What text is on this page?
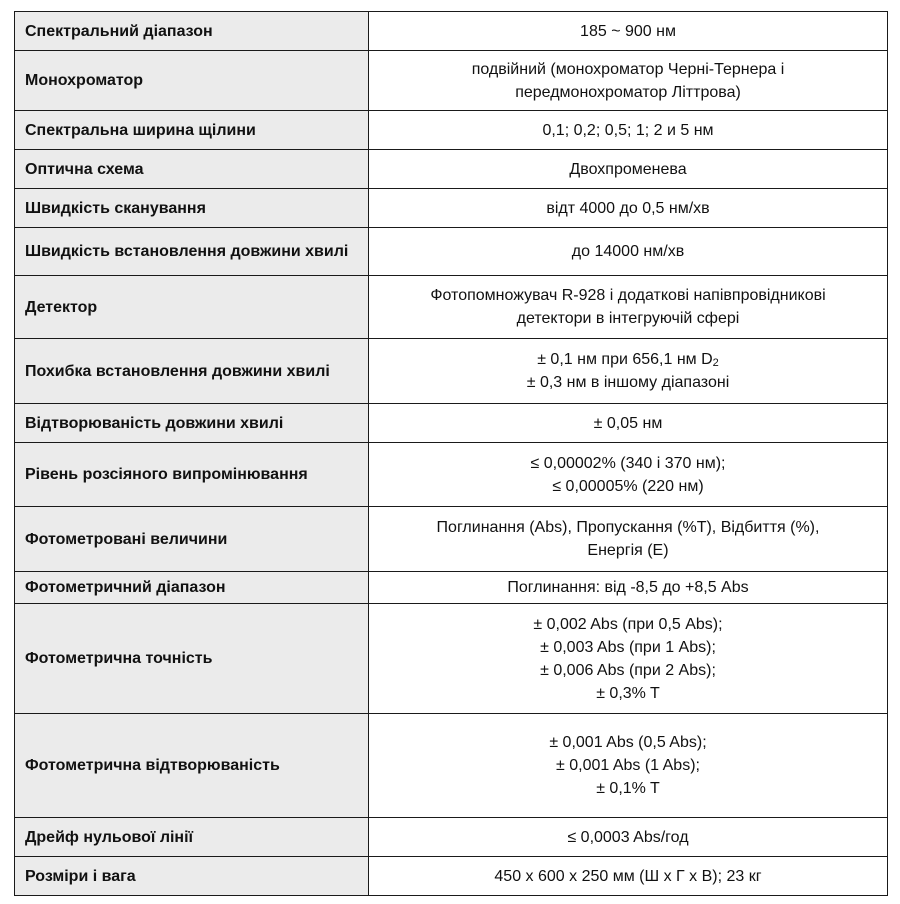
Спектральний діапазон	185 ~ 900 нм

Монохроматор	подвійний (монохроматор Черні-Тернера і
передмонохроматор Літтрова)

Спектральна ширина щілини	0,1; 0,2; 0,5; 1; 2 и 5 нм

Оптична схема	Двохпроменева

Швидкість сканування	відт 4000 до 0,5 нм/хв

Швидкість встановлення довжини хвилі	до 14000 нм/хв

Детектор	Фотопомножувач R-928 і додаткові напівпровідникові
детектори в інтегруючій сфері

Похибка встановлення довжини хвилі	± 0,1 нм при 656,1 нм $D_2$
± 0,3 нм в іншому діапазоні

Відтворюваність довжини хвилі	± 0,05 нм

Рівень розсіяного випромінювання	≤ 0,00002% (340 і 370 нм);
≤ 0,00005% (220 нм)

Фотометровані величини	Поглинання (Abs), Пропускання (%T), Відбиття (%),
Енергія (E)

Фотометричний діапазон	Поглинання: від -8,5 до +8,5 Abs

Фотометрична точність	± 0,002 Abs (при 0,5 Abs);
± 0,003 Abs (при 1 Abs);
± 0,006 Abs (при 2 Abs);
± 0,3% T

Фотометрична відтворюваність	± 0,001 Abs (0,5 Abs);
± 0,001 Abs (1 Abs);
± 0,1% T

Дрейф нульової лінії	≤ 0,0003 Abs/год

Розміри і вага	450 x 600 x 250 мм (Ш x Г x В); 23 кг
